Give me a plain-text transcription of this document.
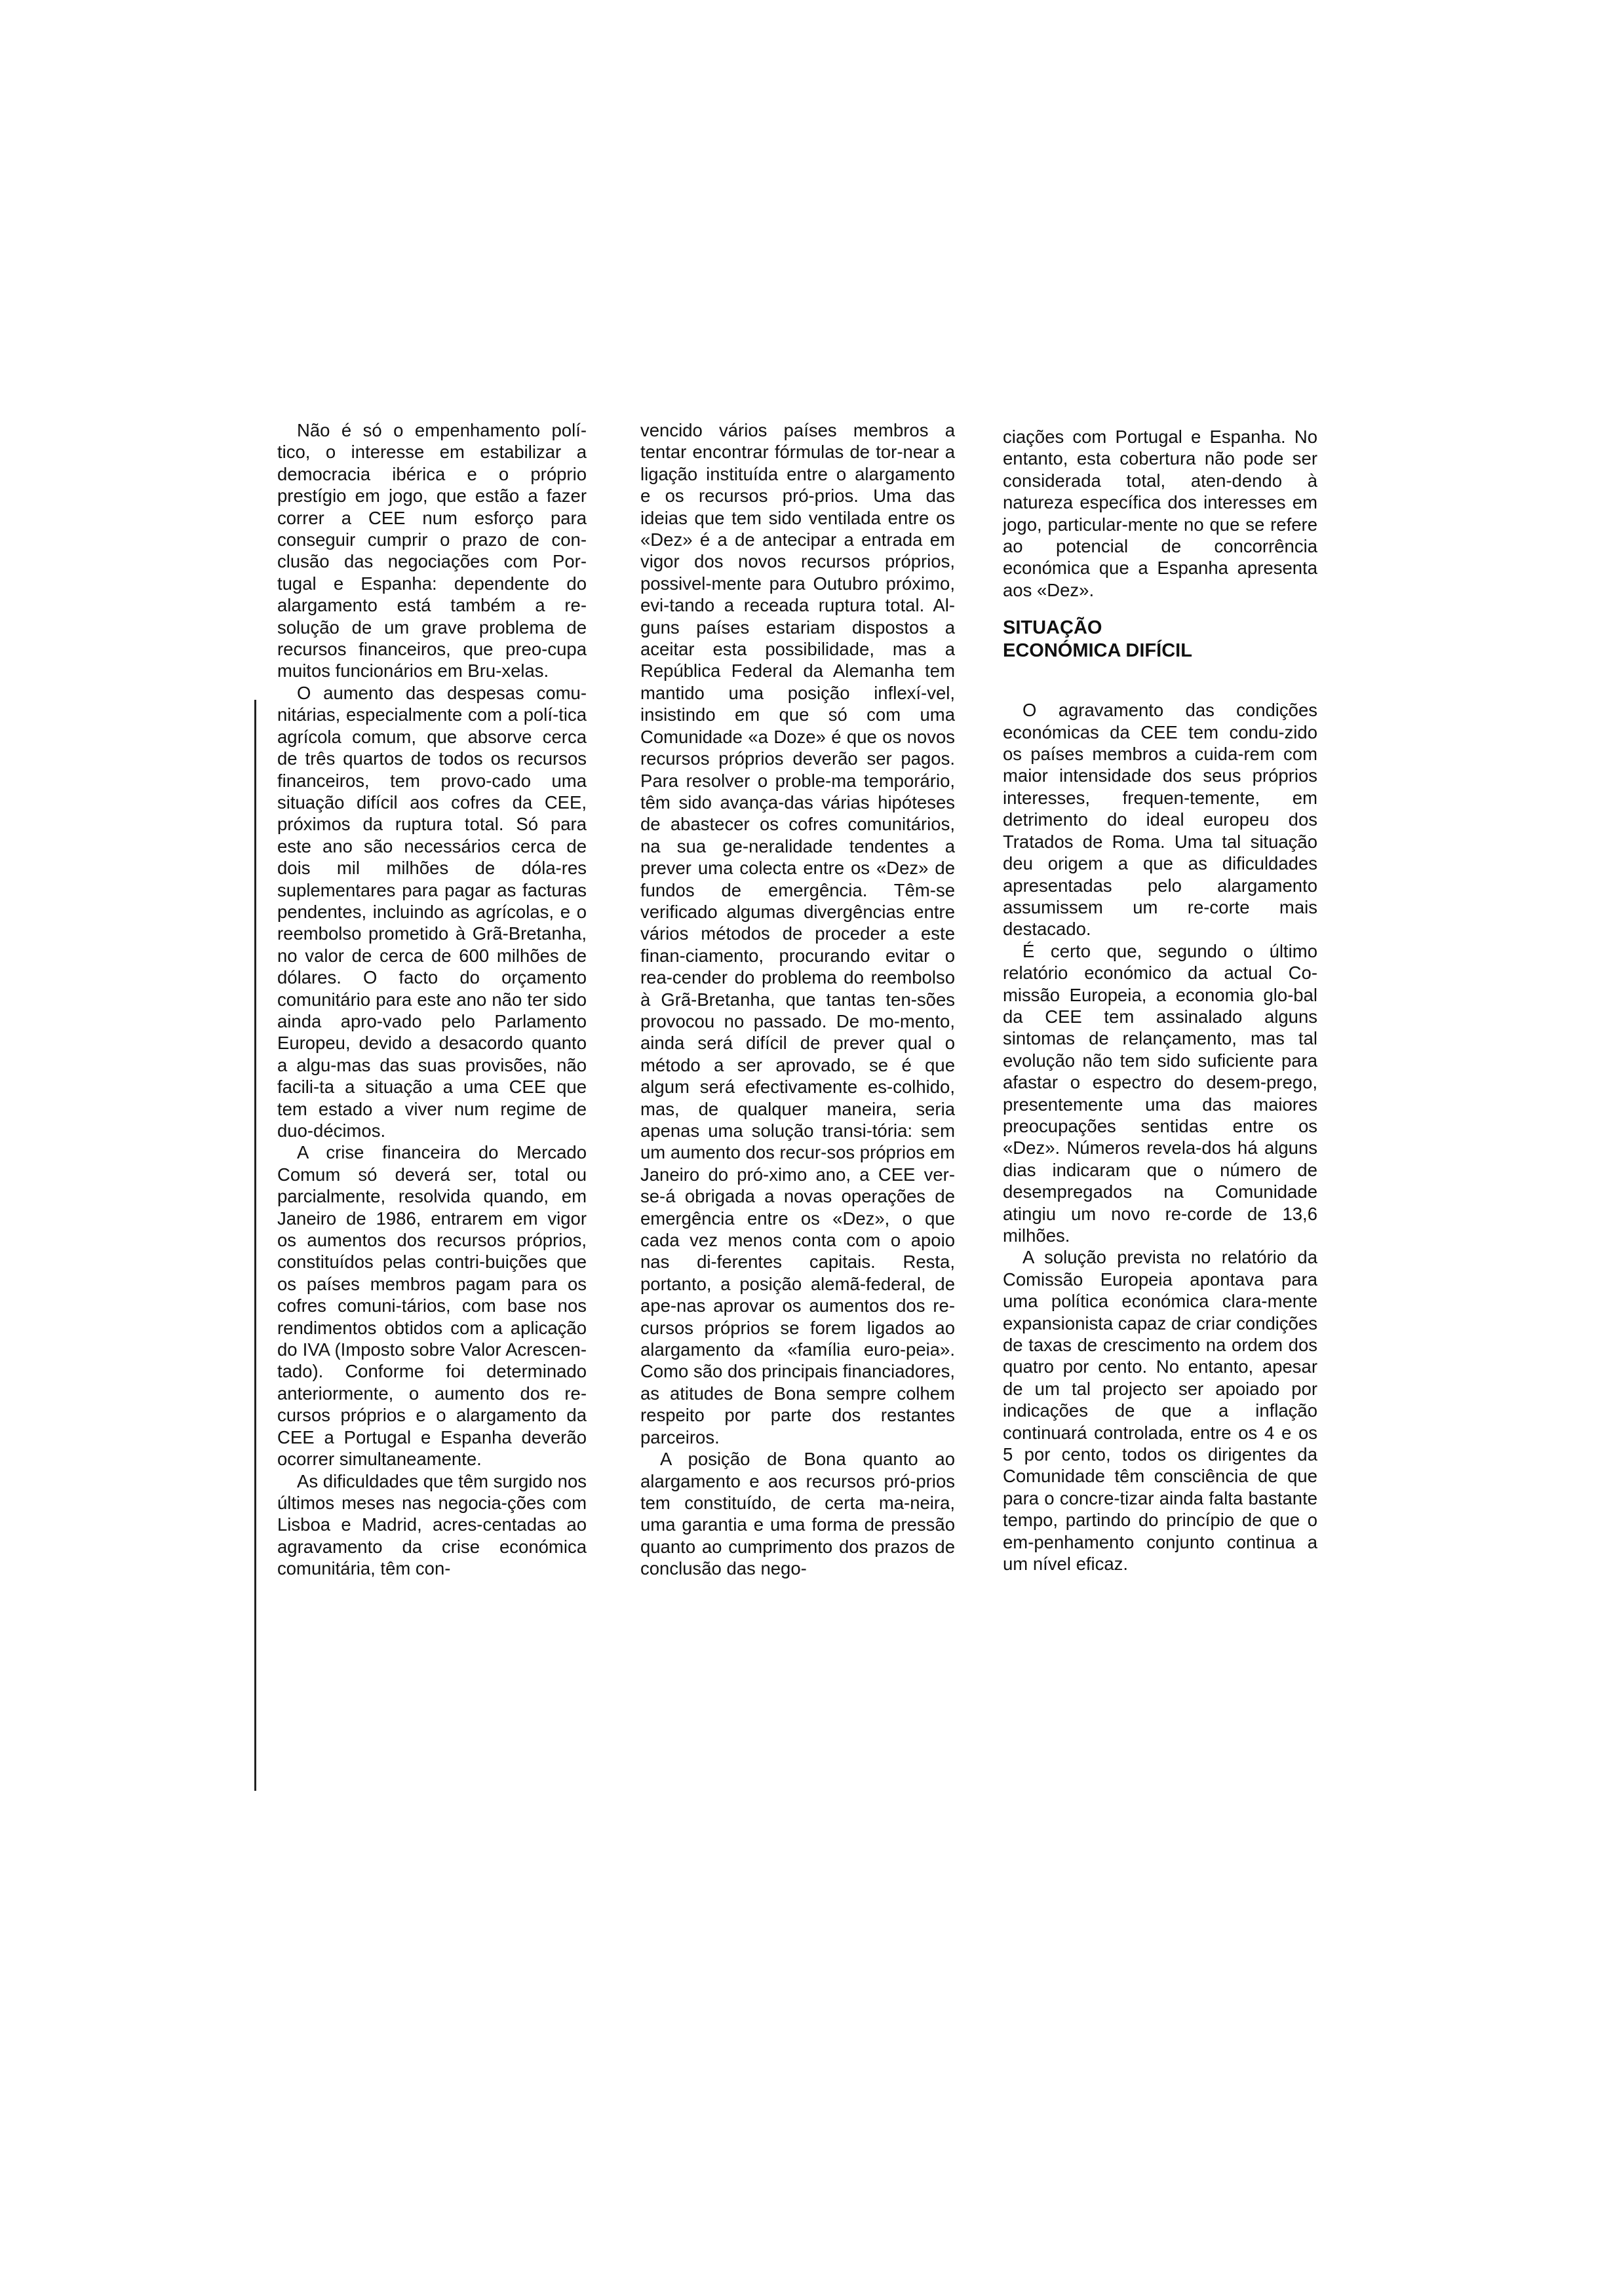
Não é só o empenhamento polí-tico, o interesse em estabilizar a democracia ibérica e o próprio prestígio em jogo, que estão a fazer correr a CEE num esforço para conseguir cumprir o prazo de con-clusão das negociações com Por-tugal e Espanha: dependente do alargamento está também a re-solução de um grave problema de recursos financeiros, que preo-cupa muitos funcionários em Bru-xelas.

O aumento das despesas comu-nitárias, especialmente com a polí-tica agrícola comum, que absorve cerca de três quartos de todos os recursos financeiros, tem provo-cado uma situação difícil aos cofres da CEE, próximos da ruptura total. Só para este ano são necessários cerca de dois mil milhões de dóla-res suplementares para pagar as facturas pendentes, incluindo as agrícolas, e o reembolso prometido à Grã-Bretanha, no valor de cerca de 600 milhões de dólares. O facto do orçamento comunitário para este ano não ter sido ainda apro-vado pelo Parlamento Europeu, devido a desacordo quanto a algu-mas das suas provisões, não facili-ta a situação a uma CEE que tem estado a viver num regime de duo-décimos.

A crise financeira do Mercado Comum só deverá ser, total ou parcialmente, resolvida quando, em Janeiro de 1986, entrarem em vigor os aumentos dos recursos próprios, constituídos pelas contri-buições que os países membros pagam para os cofres comuni-tários, com base nos rendimentos obtidos com a aplicação do IVA (Imposto sobre Valor Acrescen-tado). Conforme foi determinado anteriormente, o aumento dos re-cursos próprios e o alargamento da CEE a Portugal e Espanha deverão ocorrer simultaneamente.

As dificuldades que têm surgido nos últimos meses nas negocia-ções com Lisboa e Madrid, acres-centadas ao agravamento da crise económica comunitária, têm con-

vencido vários países membros a tentar encontrar fórmulas de tor-near a ligação instituída entre o alargamento e os recursos pró-prios. Uma das ideias que tem sido ventilada entre os «Dez» é a de antecipar a entrada em vigor dos novos recursos próprios, possivel-mente para Outubro próximo, evi-tando a receada ruptura total. Al-guns países estariam dispostos a aceitar esta possibilidade, mas a República Federal da Alemanha tem mantido uma posição inflexí-vel, insistindo em que só com uma Comunidade «a Doze» é que os novos recursos próprios deverão ser pagos. Para resolver o proble-ma temporário, têm sido avança-das várias hipóteses de abastecer os cofres comunitários, na sua ge-neralidade tendentes a prever uma colecta entre os «Dez» de fundos de emergência. Têm-se verificado algumas divergências entre vários métodos de proceder a este finan-ciamento, procurando evitar o rea-cender do problema do reembolso à Grã-Bretanha, que tantas ten-sões provocou no passado. De mo-mento, ainda será difícil de prever qual o método a ser aprovado, se é que algum será efectivamente es-colhido, mas, de qualquer maneira, seria apenas uma solução transi-tória: sem um aumento dos recur-sos próprios em Janeiro do pró-ximo ano, a CEE ver-se-á obrigada a novas operações de emergência entre os «Dez», o que cada vez menos conta com o apoio nas di-ferentes capitais. Resta, portanto, a posição alemã-federal, de ape-nas aprovar os aumentos dos re-cursos próprios se forem ligados ao alargamento da «família euro-peia». Como são dos principais financiadores, as atitudes de Bona sempre colhem respeito por parte dos restantes parceiros.

A posição de Bona quanto ao alargamento e aos recursos pró-prios tem constituído, de certa ma-neira, uma garantia e uma forma de pressão quanto ao cumprimento dos prazos de conclusão das nego-

ciações com Portugal e Espanha. No entanto, esta cobertura não pode ser considerada total, aten-dendo à natureza específica dos interesses em jogo, particular-mente no que se refere ao potencial de concorrência económica que a Espanha apresenta aos «Dez».

SITUAÇÃO ECONÓMICA DIFÍCIL

O agravamento das condições económicas da CEE tem condu-zido os países membros a cuida-rem com maior intensidade dos seus próprios interesses, frequen-temente, em detrimento do ideal europeu dos Tratados de Roma. Uma tal situação deu origem a que as dificuldades apresentadas pelo alargamento assumissem um re-corte mais destacado.

É certo que, segundo o último relatório económico da actual Co-missão Europeia, a economia glo-bal da CEE tem assinalado alguns sintomas de relançamento, mas tal evolução não tem sido suficiente para afastar o espectro do desem-prego, presentemente uma das maiores preocupações sentidas entre os «Dez». Números revela-dos há alguns dias indicaram que o número de desempregados na Comunidade atingiu um novo re-corde de 13,6 milhões.

A solução prevista no relatório da Comissão Europeia apontava para uma política económica clara-mente expansionista capaz de criar condições de taxas de crescimento na ordem dos quatro por cento. No entanto, apesar de um tal projecto ser apoiado por indicações de que a inflação continuará controlada, entre os 4 e os 5 por cento, todos os dirigentes da Comunidade têm consciência de que para o concre-tizar ainda falta bastante tempo, partindo do princípio de que o em-penhamento conjunto continua a um nível eficaz.
